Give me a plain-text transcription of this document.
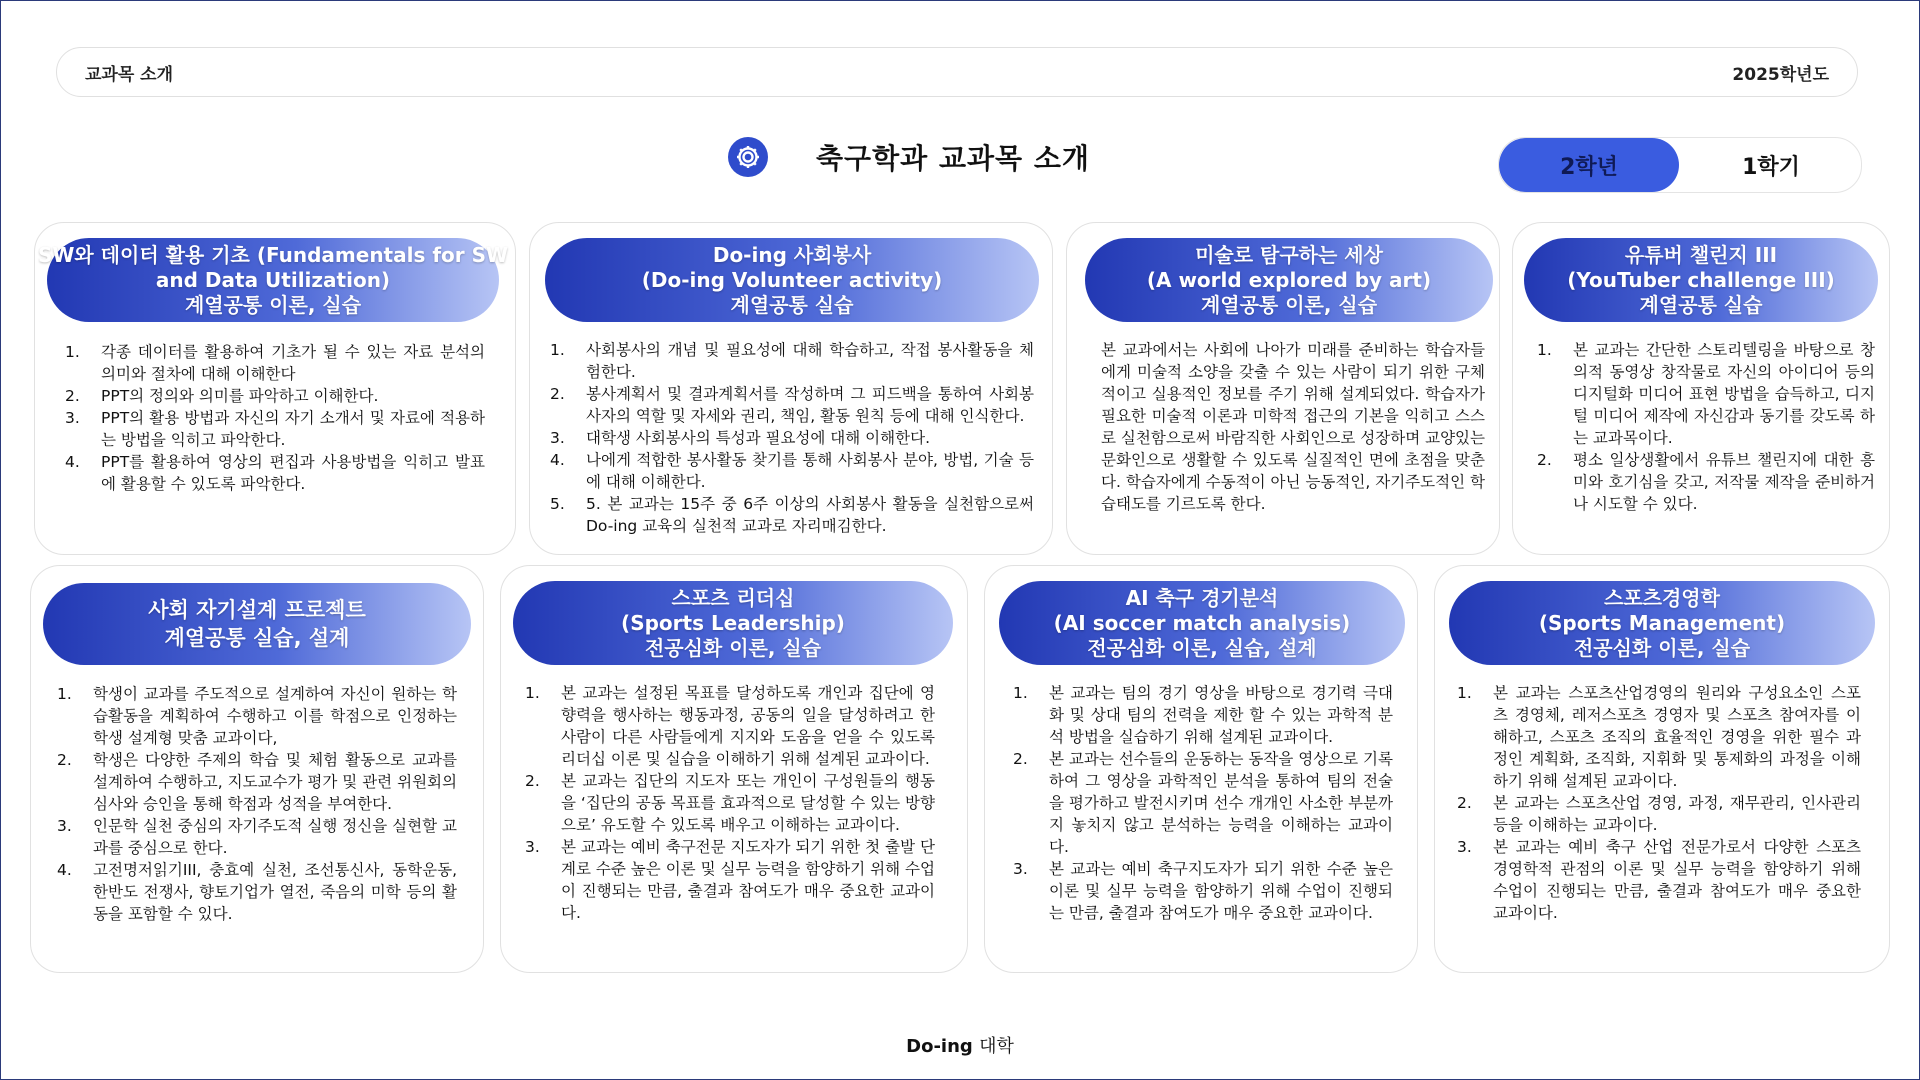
교과목 소개	2025학년도
축구학과 교과목 소개	2학년	1학기
SW와 데이터 활용 기초 (Fundamentals for SW
and Data Utilization)
계열공통 이론, 실습
1. 각종 데이터를 활용하여 기초가 될 수 있는 자료 분석의 의미와 절차에 대해 이해한다
2. PPT의 정의와 의미를 파악하고 이해한다.
3. PPT의 활용 방법과 자신의 자기 소개서 및 자료에 적용하는 방법을 익히고 파악한다.
4. PPT를 활용하여 영상의 편집과 사용방법을 익히고 발표에 활용할 수 있도록 파악한다.
Do-ing 사회봉사
(Do-ing Volunteer activity)
계열공통 실습
1. 사회봉사의 개념 및 필요성에 대해 학습하고, 작접 봉사활동을 체험한다.
2. 봉사계획서 및 결과계획서를 작성하며 그 피드백을 통하여 사회봉사자의 역할 및 자세와 권리, 책임, 활동 원칙 등에 대해 인식한다.
3. 대학생 사회봉사의 특성과 필요성에 대해 이해한다.
4. 나에게 적합한 봉사활동 찾기를 통해 사회봉사 분야, 방법, 기술 등에 대해 이해한다.
5. 5. 본 교과는 15주 중 6주 이상의 사회봉사 활동을 실천함으로써 Do-ing 교육의 실천적 교과로 자리매김한다.
미술로 탐구하는 세상
(A world explored by art)
계열공통 이론, 실습

본 교과에서는 사회에 나아가 미래를 준비하는 학습자들에게 미술적 소양을 갖출 수 있는 사람이 되기 위한 구체적이고 실용적인 정보를 주기 위해 설계되었다. 학습자가 필요한 미술적 이론과 미학적 접근의 기본을 익히고 스스로 실천함으로써 바람직한 사회인으로 성장하며 교양있는 문화인으로 생활할 수 있도록 실질적인 면에 초점을 맞춘다. 학습자에게 수동적이 아닌 능동적인, 자기주도적인 학습태도를 기르도록 한다.

유튜버 챌린지 III
(YouTuber challenge III)
계열공통 실습
1. 본 교과는 간단한 스토리텔링을 바탕으로 창의적 동영상 창작물로 자신의 아이디어 등의 디지털화 미디어 표현 방법을 습득하고, 디지털 미디어 제작에 자신감과 동기를 갖도록 하는 교과목이다.
2. 평소 일상생활에서 유튜브 챌린지에 대한 흥미와 호기심을 갖고, 저작물 제작을 준비하거나 시도할 수 있다.
사회 자기설계 프로젝트
계열공통 실습, 설계
1. 학생이 교과를 주도적으로 설계하여 자신이 원하는 학습활동을 계획하여 수행하고 이를 학점으로 인정하는 학생 설계형 맞춤 교과이다,
2. 학생은 다양한 주제의 학습 및 체험 활동으로 교과를 설계하여 수행하고, 지도교수가 평가 및 관련 위원회의 심사와 승인을 통해 학점과 성적을 부여한다.
3. 인문학 실천 중심의 자기주도적 실행 정신을 실현할 교과를 중심으로 한다.
4. 고전명저읽기III, 충효예 실천, 조선통신사, 동학운동, 한반도 전쟁사, 향토기업가 열전, 죽음의 미학 등의 활동을 포함할 수 있다.
스포츠 리더십
(Sports Leadership)
전공심화 이론, 실습
1. 본 교과는 설정된 목표를 달성하도록 개인과 집단에 영향력을 행사하는 행동과정, 공동의 일을 달성하려고 한 사람이 다른 사람들에게 지지와 도움을 얻을 수 있도록 리더십 이론 및 실습을 이해하기 위해 설계된 교과이다.
2. 본 교과는 집단의 지도자 또는 개인이 구성원들의 행동을 ‘집단의 공동 목표를 효과적으로 달성할 수 있는 방향으로’ 유도할 수 있도록 배우고 이해하는 교과이다.
3. 본 교과는 예비 축구전문 지도자가 되기 위한 첫 출발 단계로 수준 높은 이론 및 실무 능력을 함양하기 위해 수업이 진행되는 만큼, 출결과 참여도가 매우 중요한 교과이다.
AI 축구 경기분석
(AI soccer match analysis)
전공심화 이론, 실습, 설계
1. 본 교과는 팀의 경기 영상을 바탕으로 경기력 극대화 및 상대 팀의 전력을 제한 할 수 있는 과학적 분석 방법을 실습하기 위해 설계된 교과이다.
2. 본 교과는 선수들의 운동하는 동작을 영상으로 기록하여 그 영상을 과학적인 분석을 통하여 팀의 전술을 평가하고 발전시키며 선수 개개인 사소한 부분까지 놓치지 않고 분석하는 능력을 이해하는 교과이다.
3. 본 교과는 예비 축구지도자가 되기 위한 수준 높은 이론 및 실무 능력을 함양하기 위해 수업이 진행되는 만큼, 출결과 참여도가 매우 중요한 교과이다.
스포츠경영학
(Sports Management)
전공심화 이론, 실습
1. 본 교과는 스포츠산업경영의 원리와 구성요소인 스포츠 경영체, 레저스포츠 경영자 및 스포츠 참여자를 이해하고, 스포츠 조직의 효율적인 경영을 위한 필수 과정인 계획화, 조직화, 지휘화 및 통제화의 과정을 이해하기 위해 설계된 교과이다.
2. 본 교과는 스포츠산업 경영, 과정, 재무관리, 인사관리 등을 이해하는 교과이다.
3. 본 교과는 예비 축구 산업 전문가로서 다양한 스포츠 경영학적 관점의 이론 및 실무 능력을 함양하기 위해 수업이 진행되는 만큼, 출결과 참여도가 매우 중요한 교과이다.
Do-ing 대학
